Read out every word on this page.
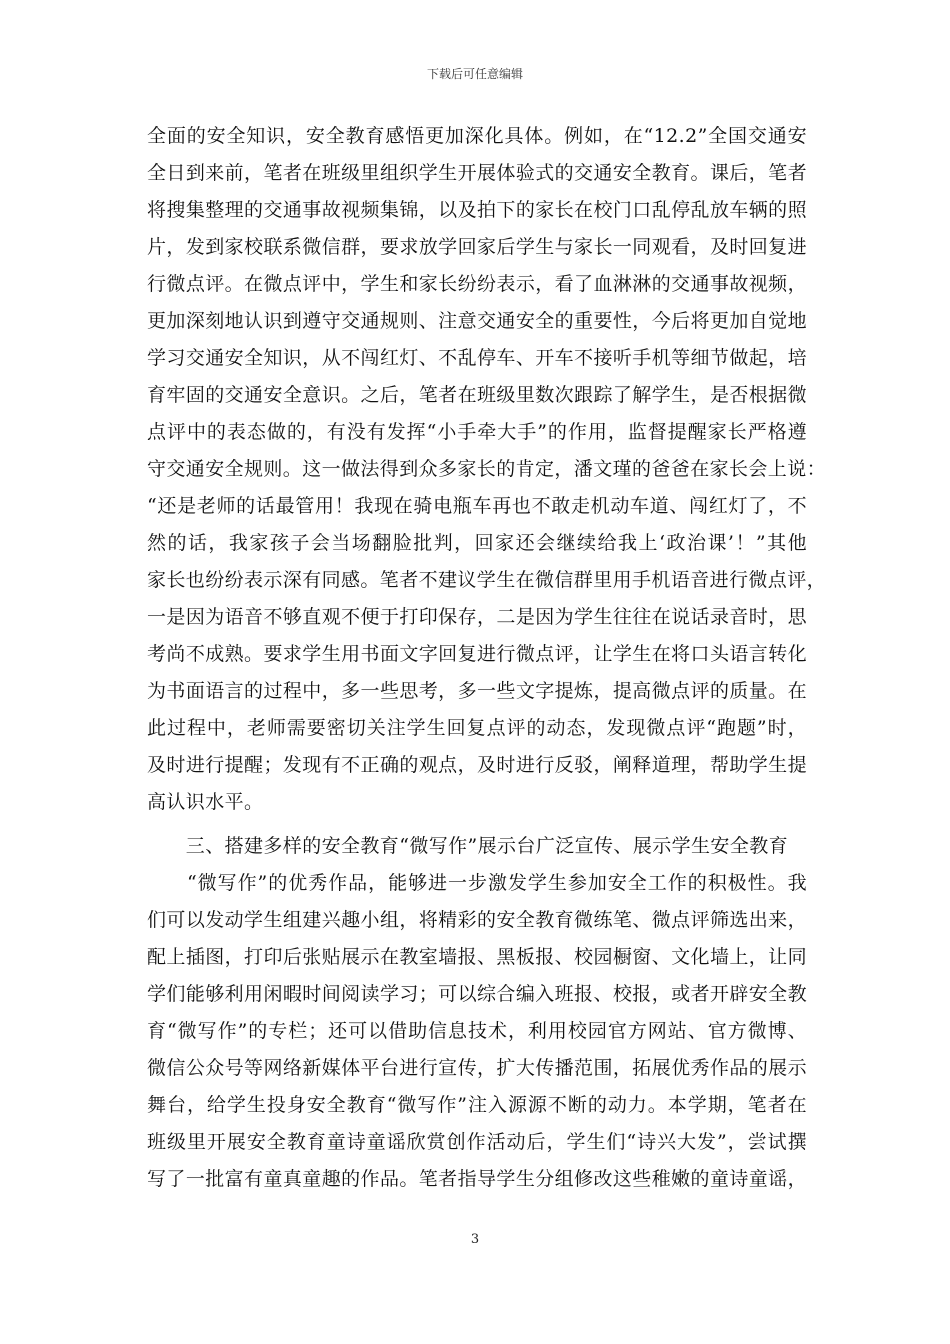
下载后可任意编辑
全面的安全知识，安全教育感悟更加深化具体。例如，在“12.2”全国交通安
全日到来前，笔者在班级里组织学生开展体验式的交通安全教育。课后，笔者
将搜集整理的交通事故视频集锦，以及拍下的家长在校门口乱停乱放车辆的照
片，发到家校联系微信群，要求放学回家后学生与家长一同观看，及时回复进
行微点评。在微点评中，学生和家长纷纷表示，看了血淋淋的交通事故视频，
更加深刻地认识到遵守交通规则、注意交通安全的重要性，今后将更加自觉地
学习交通安全知识，从不闯红灯、不乱停车、开车不接听手机等细节做起，培
育牢固的交通安全意识。之后，笔者在班级里数次跟踪了解学生，是否根据微
点评中的表态做的，有没有发挥“小手牵大手”的作用，监督提醒家长严格遵
守交通安全规则。这一做法得到众多家长的肯定，潘文瑾的爸爸在家长会上说：
“还是老师的话最管用！我现在骑电瓶车再也不敢走机动车道、闯红灯了，不
然的话，我家孩子会当场翻脸批判，回家还会继续给我上‘政治课’！”其他
家长也纷纷表示深有同感。笔者不建议学生在微信群里用手机语音进行微点评，
一是因为语音不够直观不便于打印保存，二是因为学生往往在说话录音时，思
考尚不成熟。要求学生用书面文字回复进行微点评，让学生在将口头语言转化
为书面语言的过程中，多一些思考，多一些文字提炼，提高微点评的质量。在
此过程中，老师需要密切关注学生回复点评的动态，发现微点评“跑题”时，
及时进行提醒；发现有不正确的观点，及时进行反驳，阐释道理，帮助学生提
高认识水平。
　　三、搭建多样的安全教育“微写作”展示台广泛宣传、展示学生安全教育
　　“微写作”的优秀作品，能够进一步激发学生参加安全工作的积极性。我
们可以发动学生组建兴趣小组，将精彩的安全教育微练笔、微点评筛选出来，
配上插图，打印后张贴展示在教室墙报、黑板报、校园橱窗、文化墙上，让同
学们能够利用闲暇时间阅读学习；可以综合编入班报、校报，或者开辟安全教
育“微写作”的专栏；还可以借助信息技术，利用校园官方网站、官方微博、
微信公众号等网络新媒体平台进行宣传，扩大传播范围，拓展优秀作品的展示
舞台，给学生投身安全教育“微写作”注入源源不断的动力。本学期，笔者在
班级里开展安全教育童诗童谣欣赏创作活动后，学生们“诗兴大发”，尝试撰
写了一批富有童真童趣的作品。笔者指导学生分组修改这些稚嫩的童诗童谣，
3
